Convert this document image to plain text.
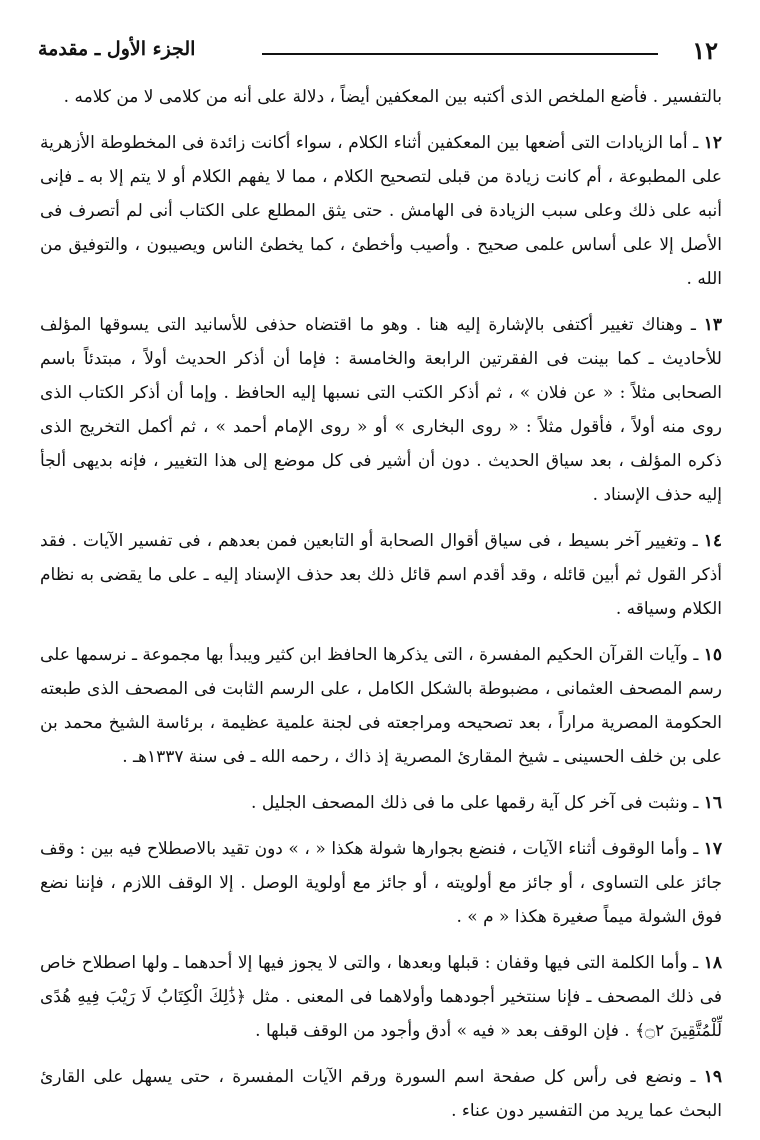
١٢
الجزء الأول ـ مقدمة

بالتفسير . فأضع الملخص الذى أكتبه بين المعكفين أيضاً ، دلالة على أنه من كلامى لا من كلامه .

١٢ ـ أما الزيادات التى أضعها بين المعكفين أثناء الكلام ، سواء أكانت زائدة فى المخطوطة الأزهرية على المطبوعة ، أم كانت زيادة من قبلى لتصحيح الكلام ، مما لا يفهم الكلام أو لا يتم إلا به ـ فإنى أنبه على ذلك وعلى سبب الزيادة فى الهامش . حتى يثق المطلع على الكتاب أنى لم أتصرف فى الأصل إلا على أساس علمى صحيح . وأصيب وأخطئ ، كما يخطئ الناس ويصيبون ، والتوفيق من الله .

١٣ ـ وهناك تغيير أكتفى بالإشارة إليه هنا . وهو ما اقتضاه حذفى للأسانيد التى يسوقها المؤلف للأحاديث ـ كما بينت فى الفقرتين الرابعة والخامسة : فإما أن أذكر الحديث أولاً ، مبتدئاً باسم الصحابى مثلاً : « عن فلان » ، ثم أذكر الكتب التى نسبها إليه الحافظ . وإما أن أذكر الكتاب الذى روى منه أولاً ، فأقول مثلاً : « روى البخارى » أو « روى الإمام أحمد » ، ثم أكمل التخريج الذى ذكره المؤلف ، بعد سياق الحديث . دون أن أشير فى كل موضع إلى هذا التغيير ، فإنه بديهى ألجأ إليه حذف الإسناد .

١٤ ـ وتغيير آخر بسيط ، فى سياق أقوال الصحابة أو التابعين فمن بعدهم ، فى تفسير الآيات . فقد أذكر القول ثم أبين قائله ، وقد أقدم اسم قائل ذلك بعد حذف الإسناد إليه ـ على ما يقضى به نظام الكلام وسياقه .

١٥ ـ وآيات القرآن الحكيم المفسرة ، التى يذكرها الحافظ ابن كثير ويبدأ بها مجموعة ـ نرسمها على رسم المصحف العثمانى ، مضبوطة بالشكل الكامل ، على الرسم الثابت فى المصحف الذى طبعته الحكومة المصرية مراراً ، بعد تصحيحه ومراجعته فى لجنة علمية عظيمة ، برئاسة الشيخ محمد بن على بن خلف الحسينى ـ شيخ المقارئ المصرية إذ ذاك ، رحمه الله ـ فى سنة ١٣٣٧هـ .

١٦ ـ ونثبت فى آخر كل آية رقمها على ما فى ذلك المصحف الجليل .

١٧ ـ وأما الوقوف أثناء الآيات ، فنضع بجوارها شولة هكذا « ، » دون تقيد بالاصطلاح فيه بين : وقف جائز على التساوى ، أو جائز مع أولويته ، أو جائز مع أولوية الوصل . إلا الوقف اللازم ، فإننا نضع فوق الشولة ميماً صغيرة هكذا « م » .

١٨ ـ وأما الكلمة التى فيها وقفان : قبلها وبعدها ، والتى لا يجوز فيها إلا أحدهما ـ ولها اصطلاح خاص فى ذلك المصحف ـ فإنا سنتخير أجودهما وأولاهما فى المعنى . مثل ﴿ذَٰلِكَ الْكِتَابُ لَا رَيْبَ فِيهِ هُدًى لِّلْمُتَّقِينَ ۝٢﴾ . فإن الوقف بعد « فيه » أدق وأجود من الوقف قبلها .

١٩ ـ ونضع فى رأس كل صفحة اسم السورة ورقم الآيات المفسرة ، حتى يسهل على القارئ البحث عما يريد من التفسير دون عناء .
